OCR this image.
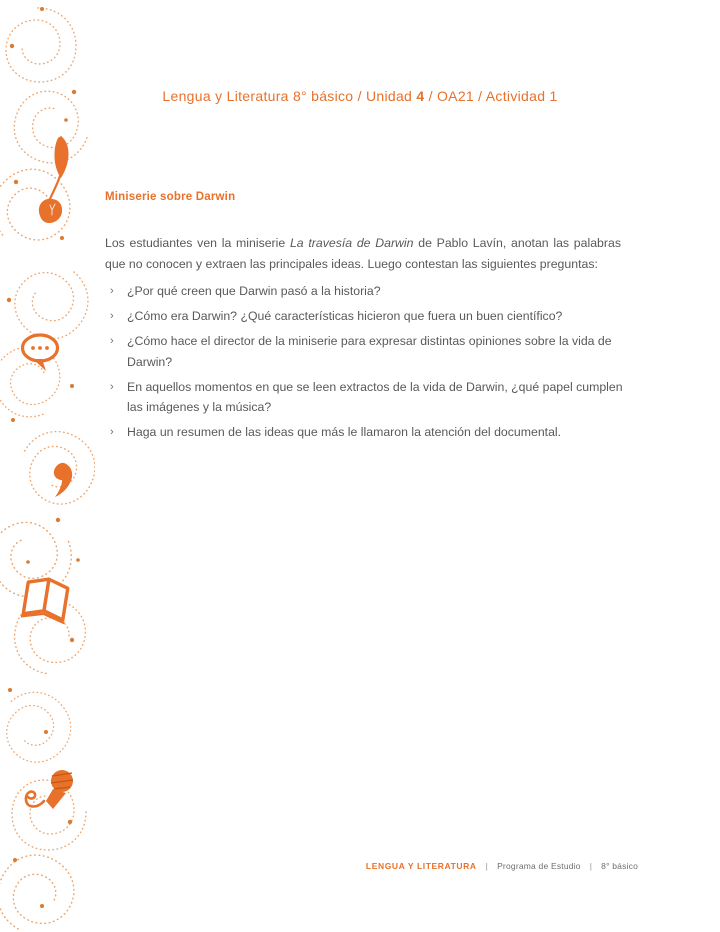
Lengua y Literatura 8° básico / Unidad 4 / OA21 / Actividad 1
Miniserie sobre Darwin

Los estudiantes ven la miniserie La travesía de Darwin de Pablo Lavín, anotan las palabras que no conocen y extraen las principales ideas. Luego contestan las siguientes preguntas:

›	¿Por qué creen que Darwin pasó a la historia?
›	¿Cómo era Darwin? ¿Qué características hicieron que fuera un buen científico?
›	¿Cómo hace el director de la miniserie para expresar distintas opiniones sobre la vida de Darwin?
›	En aquellos momentos en que se leen extractos de la vida de Darwin, ¿qué papel cumplen las imágenes y la música?
›	Haga un resumen de las ideas que más le llamaron la atención del documental.
LENGUA Y LITERATURA | Programa de Estudio | 8° básico
